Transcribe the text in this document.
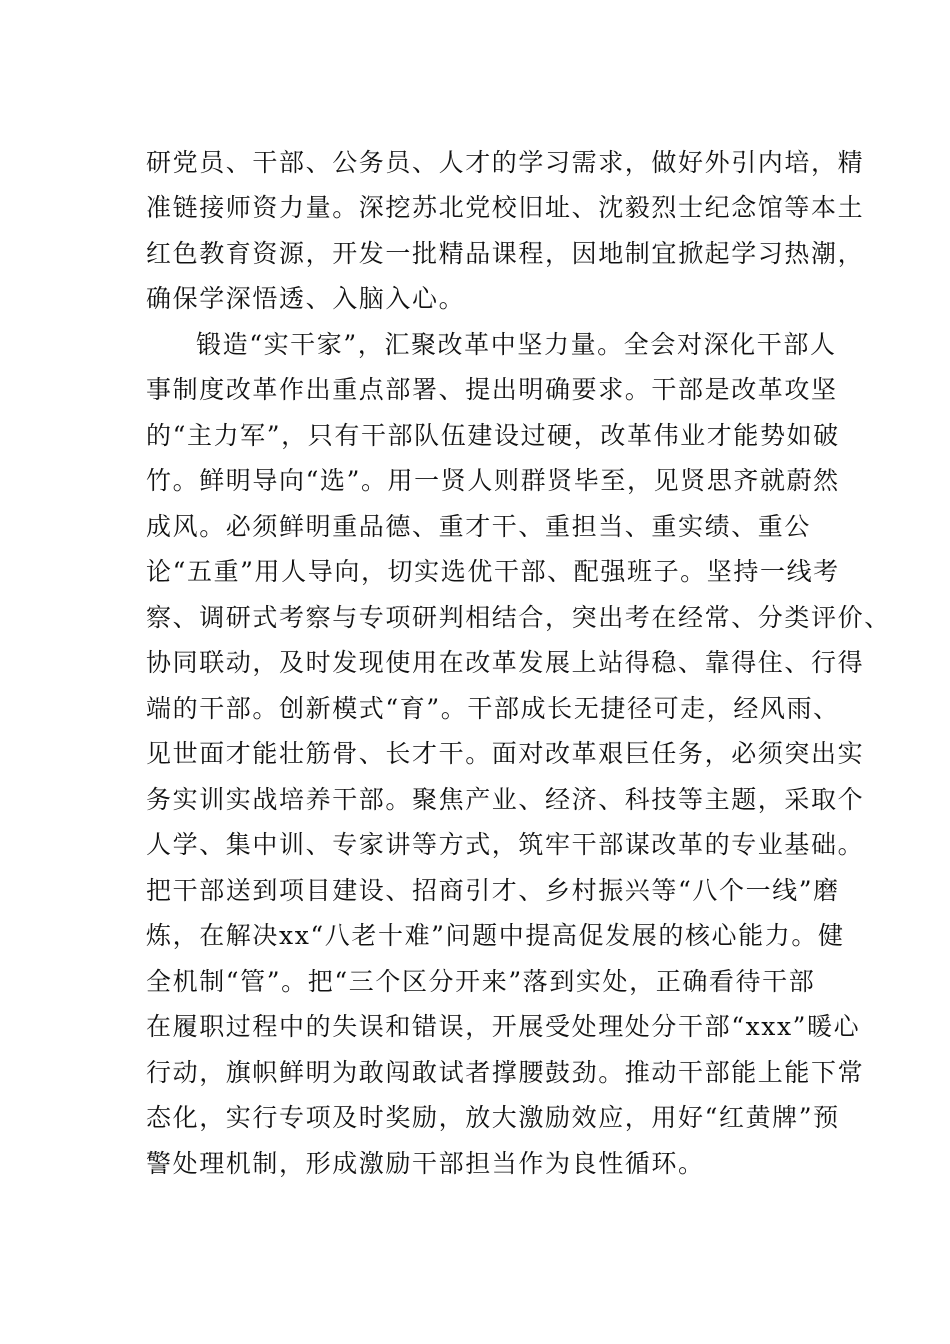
研党员、干部、公务员、人才的学习需求，做好外引内培，精
准链接师资力量。深挖苏北党校旧址、沈毅烈士纪念馆等本土
红色教育资源，开发一批精品课程，因地制宜掀起学习热潮，
确保学深悟透、入脑入心。
锻造“实干家”，汇聚改革中坚力量。全会对深化干部人
事制度改革作出重点部署、提出明确要求。干部是改革攻坚
的“主力军”，只有干部队伍建设过硬，改革伟业才能势如破
竹。鲜明导向“选”。用一贤人则群贤毕至，见贤思齐就蔚然
成风。必须鲜明重品德、重才干、重担当、重实绩、重公
论“五重”用人导向，切实选优干部、配强班子。坚持一线考
察、调研式考察与专项研判相结合，突出考在经常、分类评价、
协同联动，及时发现使用在改革发展上站得稳、靠得住、行得
端的干部。创新模式“育”。干部成长无捷径可走，经风雨、
见世面才能壮筋骨、长才干。面对改革艰巨任务，必须突出实
务实训实战培养干部。聚焦产业、经济、科技等主题，采取个
人学、集中训、专家讲等方式，筑牢干部谋改革的专业基础。
把干部送到项目建设、招商引才、乡村振兴等“八个一线”磨
炼，在解决xx“八老十难”问题中提高促发展的核心能力。健
全机制“管”。把“三个区分开来”落到实处，正确看待干部
在履职过程中的失误和错误，开展受处理处分干部“xxx”暖心
行动，旗帜鲜明为敢闯敢试者撑腰鼓劲。推动干部能上能下常
态化，实行专项及时奖励，放大激励效应，用好“红黄牌”预
警处理机制，形成激励干部担当作为良性循环。
